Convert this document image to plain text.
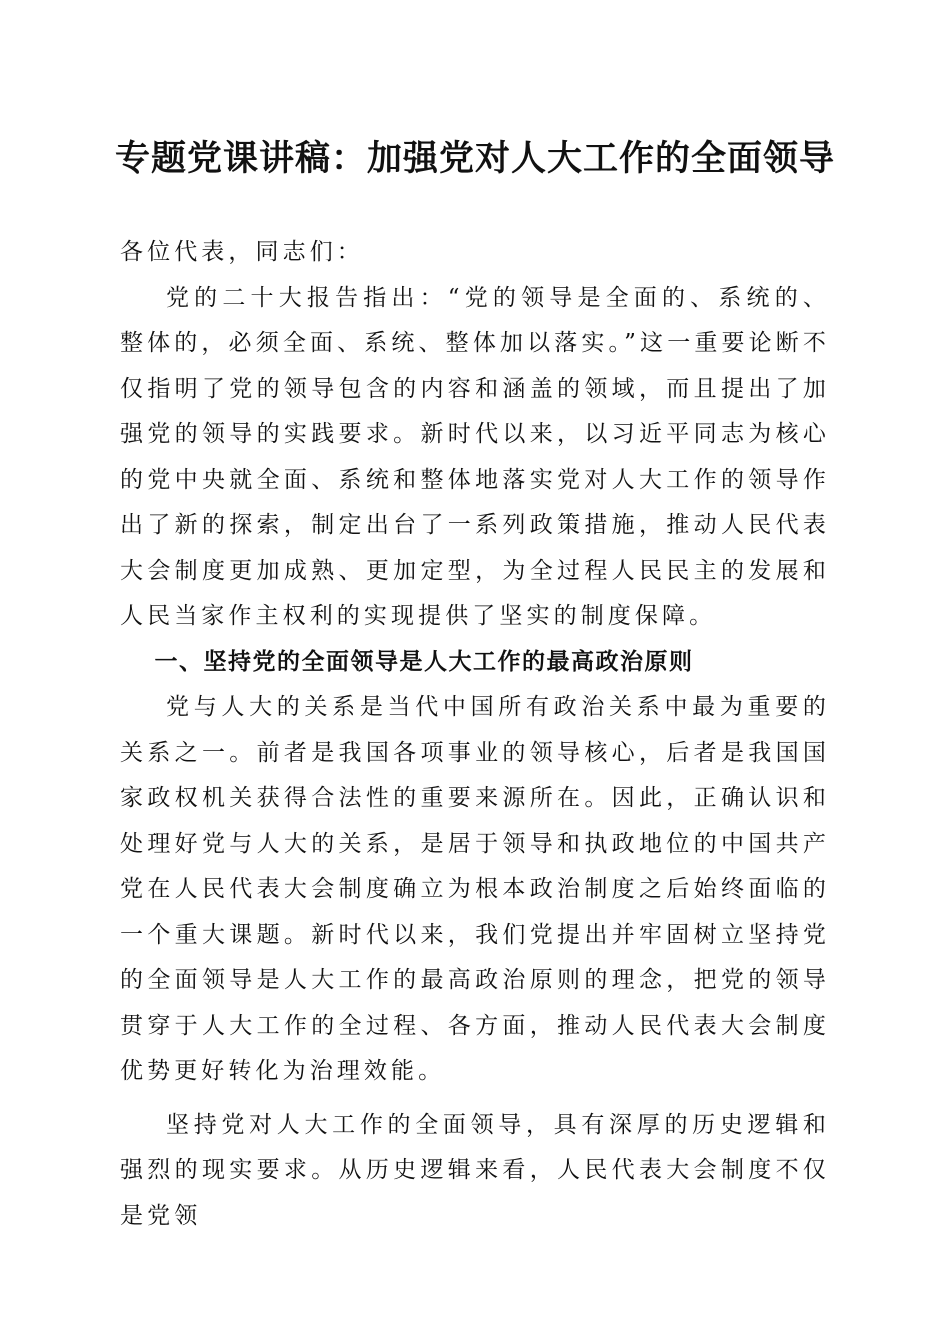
专题党课讲稿：加强党对人大工作的全面领导

各位代表，同志们：

党的二十大报告指出：“党的领导是全面的、系统的、整体的，必须全面、系统、整体加以落实。”这一重要论断不仅指明了党的领导包含的内容和涵盖的领域，而且提出了加强党的领导的实践要求。新时代以来，以习近平同志为核心的党中央就全面、系统和整体地落实党对人大工作的领导作出了新的探索，制定出台了一系列政策措施，推动人民代表大会制度更加成熟、更加定型，为全过程人民民主的发展和人民当家作主权利的实现提供了坚实的制度保障。

一、坚持党的全面领导是人大工作的最高政治原则

党与人大的关系是当代中国所有政治关系中最为重要的关系之一。前者是我国各项事业的领导核心，后者是我国国家政权机关获得合法性的重要来源所在。因此，正确认识和处理好党与人大的关系，是居于领导和执政地位的中国共产党在人民代表大会制度确立为根本政治制度之后始终面临的一个重大课题。新时代以来，我们党提出并牢固树立坚持党的全面领导是人大工作的最高政治原则的理念，把党的领导贯穿于人大工作的全过程、各方面，推动人民代表大会制度优势更好转化为治理效能。

坚持党对人大工作的全面领导，具有深厚的历史逻辑和强烈的现实要求。从历史逻辑来看，人民代表大会制度不仅是党领
